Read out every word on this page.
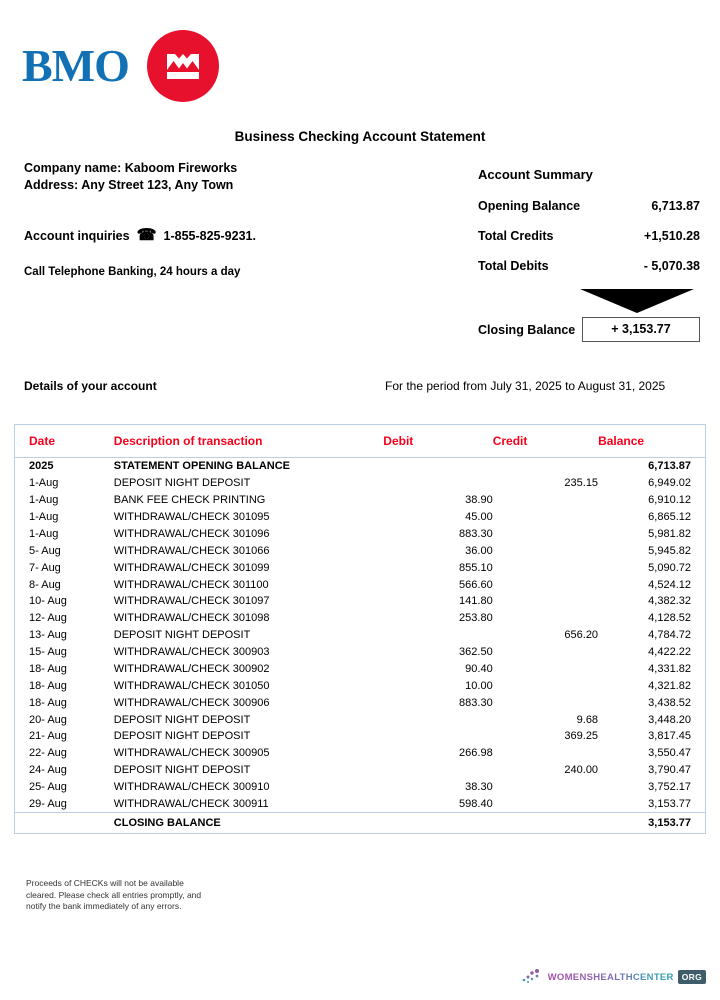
BMO
Business Checking Account Statement
Company name: Kaboom Fireworks
Address: Any Street 123, Any Town
Account inquiries ☎ 1-855-825-9231.
Call Telephone Banking, 24 hours a day
Account Summary
Opening Balance	6,713.87
Total Credits	+1,510.28
Total Debits	- 5,070.38
Closing Balance	+ 3,153.77
Details of your account	For the period from July 31, 2025 to August 31, 2025
Date	Description of transaction	Debit	Credit	Balance
2025	STATEMENT OPENING BALANCE			6,713.87
1-Aug	DEPOSIT NIGHT DEPOSIT		235.15	6,949.02
1-Aug	BANK FEE CHECK PRINTING	38.90		6,910.12
1-Aug	WITHDRAWAL/CHECK 301095	45.00		6,865.12
1-Aug	WITHDRAWAL/CHECK 301096	883.30		5,981.82
5- Aug	WITHDRAWAL/CHECK 301066	36.00		5,945.82
7- Aug	WITHDRAWAL/CHECK 301099	855.10		5,090.72
8- Aug	WITHDRAWAL/CHECK 301100	566.60		4,524.12
10- Aug	WITHDRAWAL/CHECK 301097	141.80		4,382.32
12- Aug	WITHDRAWAL/CHECK 301098	253.80		4,128.52
13- Aug	DEPOSIT NIGHT DEPOSIT		656.20	4,784.72
15- Aug	WITHDRAWAL/CHECK 300903	362.50		4,422.22
18- Aug	WITHDRAWAL/CHECK 300902	90.40		4,331.82
18- Aug	WITHDRAWAL/CHECK 301050	10.00		4,321.82
18- Aug	WITHDRAWAL/CHECK 300906	883.30		3,438.52
20- Aug	DEPOSIT NIGHT DEPOSIT		9.68	3,448.20
21- Aug	DEPOSIT NIGHT DEPOSIT		369.25	3,817.45
22- Aug	WITHDRAWAL/CHECK 300905	266.98		3,550.47
24- Aug	DEPOSIT NIGHT DEPOSIT		240.00	3,790.47
25- Aug	WITHDRAWAL/CHECK 300910	38.30		3,752.17
29- Aug	WITHDRAWAL/CHECK 300911	598.40		3,153.77
	CLOSING BALANCE			3,153.77
Proceeds of CHECKs will not be available
cleared. Please check all entries promptly, and
notify the bank immediately of any errors.
WOMENSHEALTHCENTER ORG
